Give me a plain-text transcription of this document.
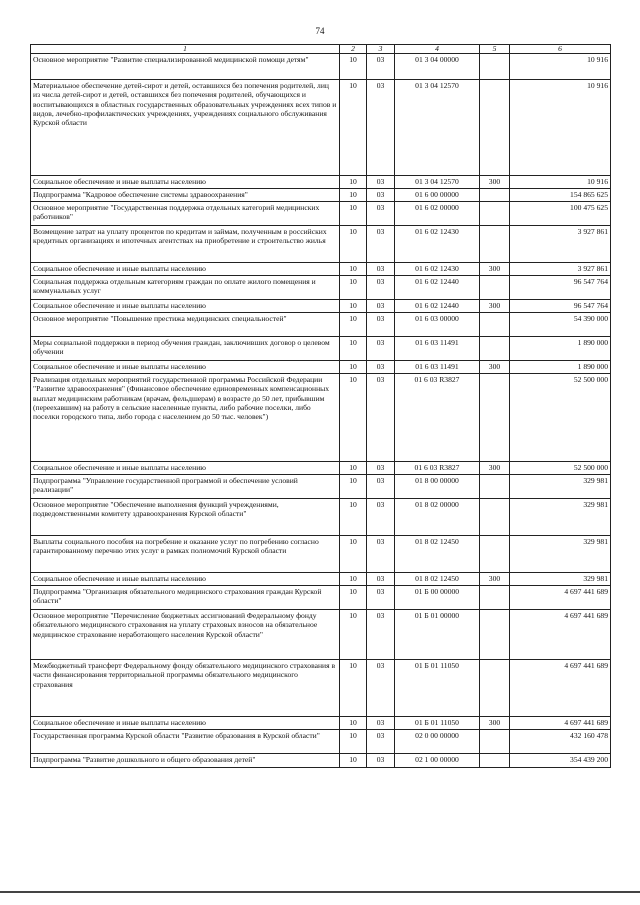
74
1	2	3	4	5	6
Основное мероприятие "Развитие специализированной медицинской помощи детям"	10	03	01 3 04 00000		10 916
Материальное обеспечение детей-сирот и детей, оставшихся без попечения родителей, лиц из числа детей-сирот и детей, оставшихся без попечения родителей, обучающихся и воспитывающихся в областных государственных образовательных учреждениях всех типов и видов, лечебно-профилактических учреждениях, учреждениях социального обслуживания Курской области	10	03	01 3 04 12570		10 916
Социальное обеспечение и иные выплаты населению	10	03	01 3 04 12570	300	10 916
Подпрограмма "Кадровое обеспечение системы здравоохранения"	10	03	01 6 00 00000		154 865 625
Основное мероприятие "Государственная поддержка отдельных категорий медицинских работников"	10	03	01 6 02 00000		100 475 625
Возмещение затрат на уплату процентов по кредитам и займам, полученным в российских кредитных организациях и ипотечных агентствах на приобретение и строительство жилья	10	03	01 6 02 12430		3 927 861
Социальное обеспечение и иные выплаты населению	10	03	01 6 02 12430	300	3 927 861
Социальная поддержка отдельным категориям граждан по оплате жилого помещения и коммунальных услуг	10	03	01 6 02 12440		96 547 764
Социальное обеспечение и иные выплаты населению	10	03	01 6 02 12440	300	96 547 764
Основное мероприятие "Повышение престижа медицинских специальностей"	10	03	01 6 03 00000		54 390 000
Меры социальной поддержки в период обучения граждан, заключивших договор о целевом обучении	10	03	01 6 03 11491		1 890 000
Социальное обеспечение и иные выплаты населению	10	03	01 6 03 11491	300	1 890 000
Реализация отдельных мероприятий государственной программы Российской Федерации "Развитие здравоохранения" (Финансовое обеспечение единовременных компенсационных выплат медицинским работникам (врачам, фельдшерам) в возрасте до 50 лет, прибывшим (переехавшим) на работу в сельские населенные пункты, либо рабочие поселки, либо поселки городского типа, либо города с населением до 50 тыс. человек")	10	03	01 6 03 R3827		52 500 000
Социальное обеспечение и иные выплаты населению	10	03	01 6 03 R3827	300	52 500 000
Подпрограмма "Управление государственной программой и обеспечение условий реализации"	10	03	01 8 00 00000		329 981
Основное мероприятие "Обеспечение выполнения функций учреждениями, подведомственными комитету здравоохранения Курской области"	10	03	01 8 02 00000		329 981
Выплаты социального пособия на погребение и оказание услуг по погребению согласно гарантированному перечню этих услуг в рамках полномочий Курской области	10	03	01 8 02 12450		329 981
Социальное обеспечение и иные выплаты населению	10	03	01 8 02 12450	300	329 981
Подпрограмма "Организация обязательного медицинского страхования граждан Курской области"	10	03	01 Б 00 00000		4 697 441 689
Основное мероприятие "Перечисление бюджетных ассигнований Федеральному фонду обязательного медицинского страхования на уплату страховых взносов на обязательное медицинское страхование неработающего населения Курской области"	10	03	01 Б 01 00000		4 697 441 689
Межбюджетный трансферт Федеральному фонду обязательного медицинского страхования в части финансирования территориальной программы обязательного медицинского страхования	10	03	01 Б 01 11050		4 697 441 689
Социальное обеспечение и иные выплаты населению	10	03	01 Б 01 11050	300	4 697 441 689
Государственная программа Курской области "Развитие образования в Курской области"	10	03	02 0 00 00000		432 160 478
Подпрограмма "Развитие дошкольного и общего образования детей"	10	03	02 1 00 00000		354 439 200
